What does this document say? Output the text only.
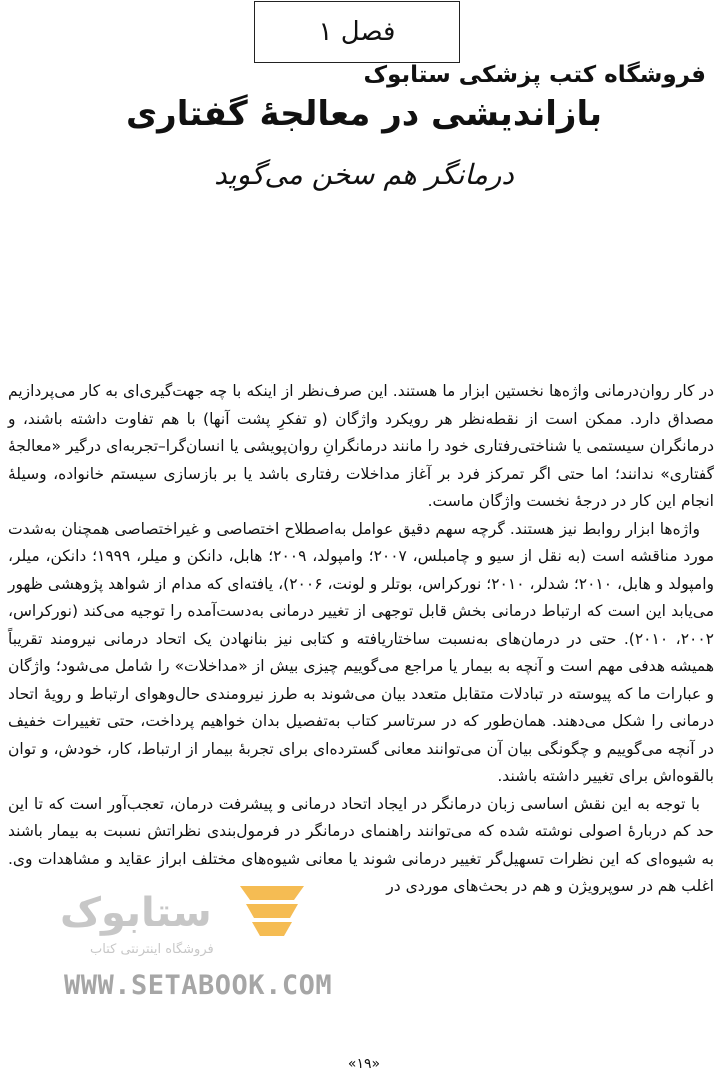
فصل ۱
فروشگاه کتب پزشکی ستابوک
بازاندیشی در معالجهٔ گفتاری
درمانگر هم سخن می‌گوید

در کار روان‌درمانی واژه‌ها نخستین ابزار ما هستند. این صرف‌نظر از اینکه با چه جهت‌گیری‌ای به کار می‌پردازیم مصداق دارد. ممکن است از نقطه‌نظر هر رویکرد واژگان (و تفکرِ پشت آنها) با هم تفاوت داشته باشند، و درمانگران سیستمی یا شناختی‌رفتاری خود را مانند درمانگرانِ روان‌پویشی یا انسان‌گرا–تجربه‌ای درگیر «معالجهٔ گفتاری» ندانند؛ اما حتی اگر تمرکز فرد بر آغاز مداخلات رفتاری باشد یا بر بازسازی سیستم خانواده، وسیلهٔ انجام این کار در درجهٔ نخست واژگان ماست.

واژه‌ها ابزار روابط نیز هستند. گرچه سهم دقیق عوامل به‌اصطلاح اختصاصی و غیراختصاصی همچنان به‌شدت مورد مناقشه است (به نقل از سیو و چامبلس، ۲۰۰۷؛ وامپولد، ۲۰۰۹؛ هابل، دانکن و میلر، ۱۹۹۹؛ دانکن، میلر، وامپولد و هابل، ۲۰۱۰؛ شدلر، ۲۰۱۰؛ نورکراس، بوتلر و لونت، ۲۰۰۶)، یافته‌ای که مدام از شواهد پژوهشی ظهور می‌یابد این است که ارتباط درمانی بخش قابل توجهی از تغییر درمانی به‌دست‌آمده را توجیه می‌کند (نورکراس، ۲۰۰۲، ۲۰۱۰). حتی در درمان‌های به‌نسبت ساختاریافته و کتابی نیز بنانهادن یک اتحاد درمانی نیرومند تقریباً همیشه هدفی مهم است و آنچه به بیمار یا مراجع می‌گوییم چیزی بیش از «مداخلات» را شامل می‌شود؛ واژگان و عبارات ما که پیوسته در تبادلات متقابل متعدد بیان می‌شوند به طرز نیرومندی حال‌وهوای ارتباط و رویهٔ اتحاد درمانی را شکل می‌دهند. همان‌طور که در سرتاسر کتاب به‌تفصیل بدان خواهیم پرداخت، حتی تغییرات خفیف در آنچه می‌گوییم و چگونگی بیان آن می‌توانند معانی گسترده‌ای برای تجربهٔ بیمار از ارتباط، کار، خودش، و توان بالقوه‌اش برای تغییر داشته باشند.

با توجه به این نقش اساسی زبان درمانگر در ایجاد اتحاد درمانی و پیشرفت درمان، تعجب‌آور است که تا این حد کم دربارهٔ اصولی نوشته شده که می‌توانند راهنمای درمانگر در فرمول‌بندی نظراتش نسبت به بیمار باشند به شیوه‌ای که این نظرات تسهیل‌گر تغییر درمانی شوند یا معانی شیوه‌های مختلف ابراز عقاید و مشاهدات وی. اغلب هم در سوپرویژن و هم در بحث‌های موردی در

ستابوک
فروشگاه اینترنتی کتاب
WWW.SETABOOK.COM
«۱۹»
